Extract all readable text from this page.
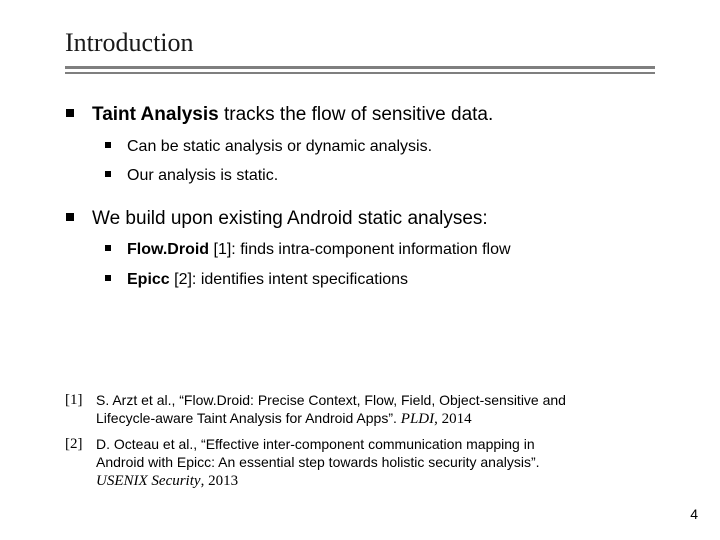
Introduction
Taint Analysis tracks the flow of sensitive data.
Can be static analysis or dynamic analysis.
Our analysis is static.
We build upon existing Android static analyses:
Flow.Droid [1]: finds intra-component information flow
Epicc [2]: identifies intent specifications
[1] S. Arzt et al., “Flow.Droid: Precise Context, Flow, Field, Object-sensitive and
Lifecycle-aware Taint Analysis for Android Apps”. PLDI, 2014
[2] D. Octeau et al., “Effective inter-component communication mapping in
Android with Epicc: An essential step towards holistic security analysis”.
USENIX Security, 2013
4
